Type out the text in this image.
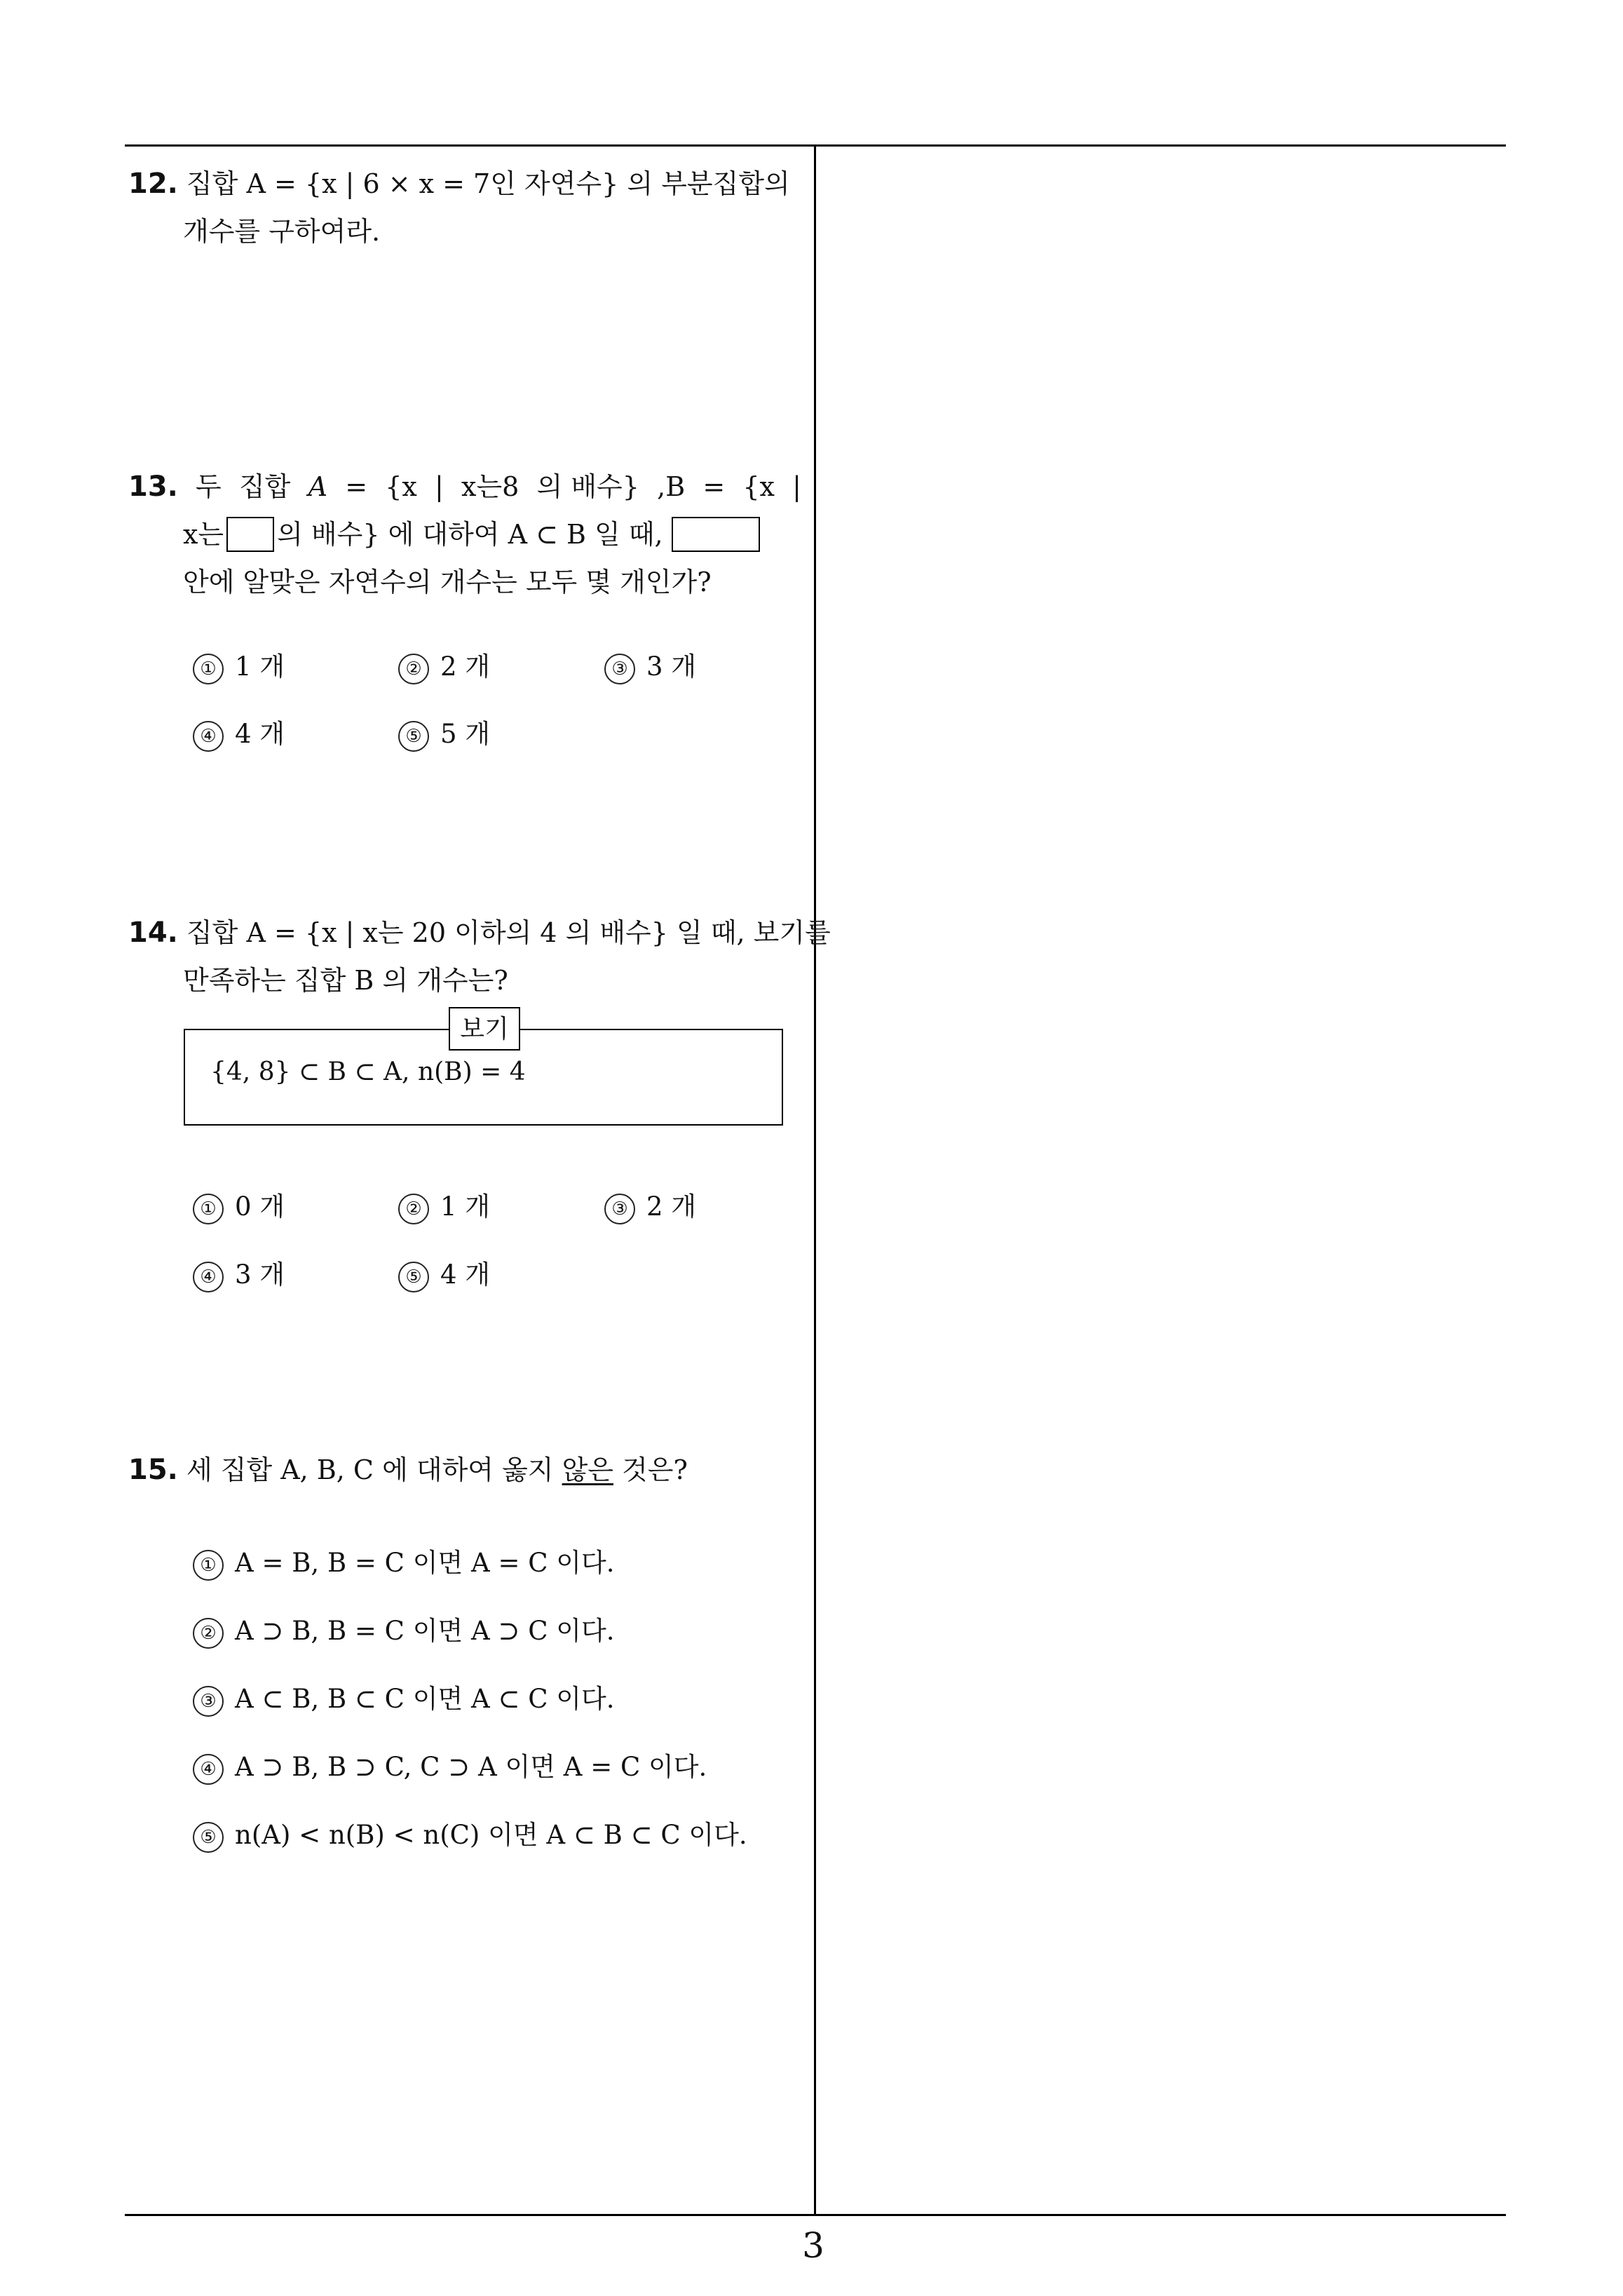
12. 집합 A = {x | 6 × x = 7인 자연수} 의 부분집합의
개수를 구하여라.
13. 두 집합 A = {x | x는8 의 배수} ,B = {x |
x는 의 배수} 에 대하여 A ⊂ B 일 때,
안에 알맞은 자연수의 개수는 모두 몇 개인가?
① 1 개	② 2 개	③ 3 개
④ 4 개	⑤ 5 개
14. 집합 A = {x | x는 20 이하의 4 의 배수} 일 때, 보기를
만족하는 집합 B 의 개수는?
보기
{4, 8} ⊂ B ⊂ A, n(B) = 4
① 0 개	② 1 개	③ 2 개
④ 3 개	⑤ 4 개
15. 세 집합 A, B, C 에 대하여 옳지 않은 것은?
① A = B, B = C 이면 A = C 이다.
② A ⊃ B, B = C 이면 A ⊃ C 이다.
③ A ⊂ B, B ⊂ C 이면 A ⊂ C 이다.
④ A ⊃ B, B ⊃ C, C ⊃ A 이면 A = C 이다.
⑤ n(A) < n(B) < n(C) 이면 A ⊂ B ⊂ C 이다.
3
